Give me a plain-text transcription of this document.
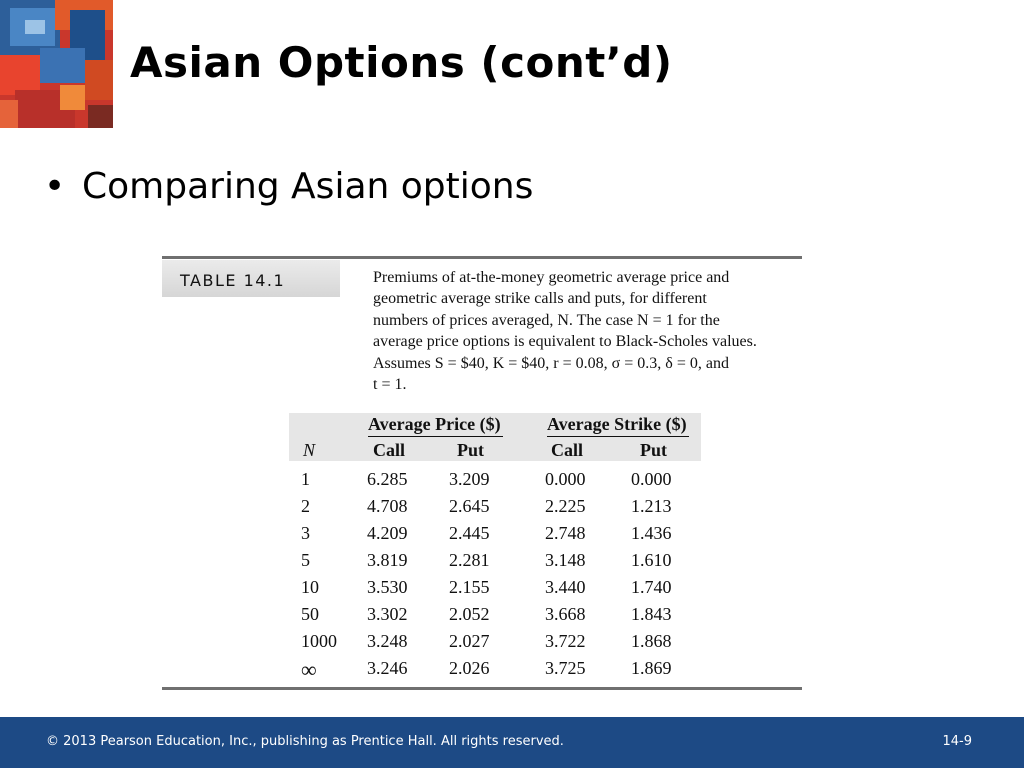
Asian Options (cont’d)
• Comparing Asian options
TABLE 14.1	Premiums of at-the-money geometric average price and
geometric average strike calls and puts, for different
numbers of prices averaged, N. The case N = 1 for the
average price options is equivalent to Black-Scholes values.
Assumes S = $40, K = $40, r = 0.08, σ = 0.3, δ = 0, and
t = 1.
Average Price ($)	Average Strike ($)
N	Call	Put	Call	Put
1	6.285 3.209	0.000	0.000
2	4.708 2.645	2.225	1.213
3	4.209 2.445	2.748	1.436
5	3.819 2.281	3.148	1.610
10	3.530 2.155	3.440	1.740
50	3.302 2.052	3.668	1.843
1000 3.248 2.027	3.722	1.868
∞	3.246 2.026	3.725	1.869
© 2013 Pearson Education, Inc., publishing as Prentice Hall. All rights reserved.	14-9
